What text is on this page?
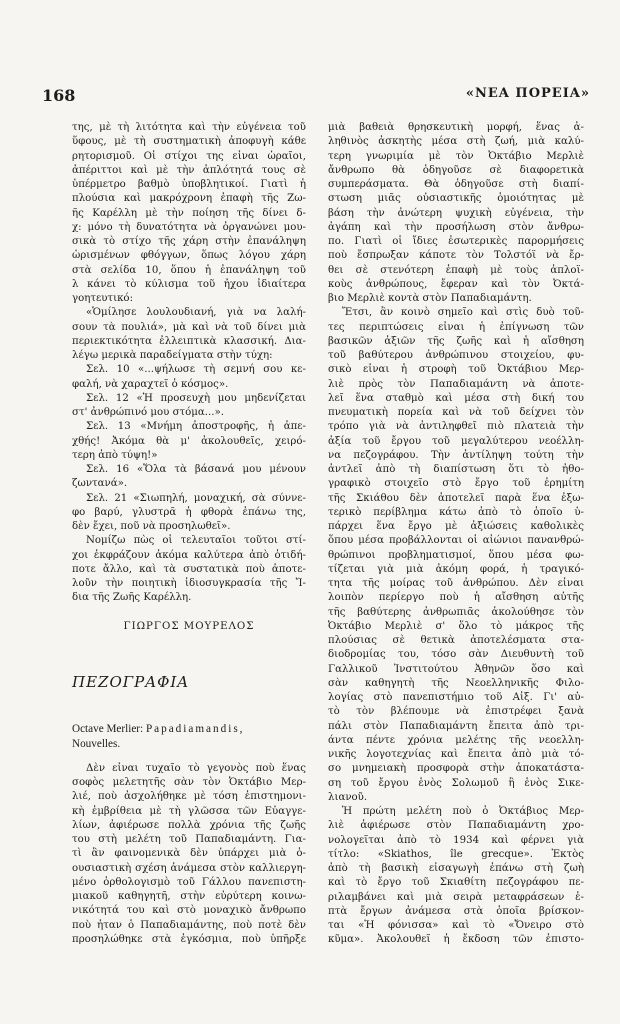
168	«ΝΕΑ ΠΟΡΕΙΑ»

της, μὲ τὴ λιτότητα καὶ τὴν εὐγένεια τοῦ

ὕφους, μὲ τὴ συστηματικὴ ἀποφυγὴ κάθε

ρητορισμοῦ. Οἱ στίχοι της εἶναι ὡραῖοι,

ἀπέριττοι καὶ μὲ τὴν ἁπλότητά τους σὲ

ὑπέρμετρο βαθμὸ ὑποβλητικοί. Γιατὶ ἡ

πλούσια καὶ μακρόχρονη ἐπαφὴ τῆς Ζω-

ῆς Καρέλλη μὲ τὴν ποίηση τῆς δίνει δ-

χ: μόνο τὴ δυνατότητα νὰ ὀργανώνει μου-

σικὰ τὸ στίχο τῆς χάρη στὴν ἐπανάληψη

ὡρισμένων φθόγγων, ὅπως λόγου χάρη

στὰ σελίδα 10, ὅπου ἡ ἐπανάληψη τοῦ

λ κάνει τὸ κύλισμα τοῦ ἦχου ἰδιαίτερα

γοητευτικό:

«Ὁμίλησε λουλουδιανή, γιὰ να λαλή-

σουν τὰ πουλιά», μὰ καὶ νὰ τοῦ δίνει μιὰ

περιεκτικότητα ἐλλειπτικὰ κλασσική. Δια-

λέγω μερικὰ παραδείγματα στὴν τύχη:

Σελ. 10 «...ψήλωσε τὴ σεμνή σου κε-

φαλή, νὰ χαραχτεῖ ὁ κόσμος».

Σελ. 12 «Ἡ προσευχὴ μου μηδενίζεται

στ' ἀνθρώπινό μου στόμα...».

Σελ. 13 «Μνήμη ἀποστροφῆς, ἡ ἀπε-

χθής! Ἀκόμα θὰ μ' ἀκολουθεῖς, χειρό-

τερη ἀπὸ τύψη!»

Σελ. 16 «Ὅλα τὰ βάσανά μου μένουν

ζωντανά».

Σελ. 21 «Σιωπηλή, μοναχική, σὰ σύννε-

φο βαρύ, γλυστρᾶ ἡ φθορὰ ἐπάνω της,

δὲν ἔχει, ποῦ νὰ προσηλωθεῖ».

Νομίζω πὼς οἱ τελευταῖοι τοῦτοι στί-

χοι ἐκφράζουν ἀκόμα καλύτερα ἀπὸ ὁτιδή-

ποτε ἄλλο, καὶ τὰ συστατικὰ ποὺ ἀποτε-

λοῦν τὴν ποιητικὴ ἰδιοσυγκρασία τῆς Ἴ-

δια τῆς Ζωῆς Καρέλλη.

ΓΙΩΡΓΟΣ ΜΟΥΡΕΛΟΣ

ΠΕΖΟΓΡΑΦΙΑ

Octave Merlier: Papadiamandis,

Nouvelles.

Δὲν εἶναι τυχαῖο τὸ γεγονὸς ποὺ ἕνας

σοφὸς μελετητῆς σὰν τὸν Ὀκτάβιο Μερ-

λιέ, ποὺ ἀσχολήθηκε μὲ τόση ἐπιστημονι-

κὴ ἐμβρίθεια μὲ τὴ γλῶσσα τῶν Εὐαγγε-

λίων, ἀφιέρωσε πολλὰ χρόνια τῆς ζωῆς

του στὴ μελέτη τοῦ Παπαδιαμάντη. Για-

τὶ ἂν φαινομενικὰ δὲν ὑπάρχει μιὰ ὀ-

ουσιαστικὴ σχέση ἀνάμεσα στὸν καλλιεργη-

μένο ὀρθολογισμὸ τοῦ Γάλλου πανεπιστη-

μιακοῦ καθηγητῆ, στὴν εὐρύτερη κοινω-

νικότητά του καὶ στὸ μοναχικὸ ἄνθρωπο

ποὺ ἦταν ὁ Παπαδιαμάντης, ποὺ ποτὲ δὲν

προσηλώθηκε στὰ ἐγκόσμια, ποὺ ὑπῆρξε

μιὰ βαθειὰ θρησκευτικὴ μορφή, ἕνας ἀ-

ληθινὸς ἀσκητὴς μέσα στὴ ζωή, μιὰ καλύ-

τερη γνωριμία μὲ τὸν Ὀκτάβιο Μερλιὲ

ἄνθρωπο θὰ ὁδηγοῦσε σὲ διαφορετικὰ

συμπεράσματα. Θὰ ὁδηγοῦσε στὴ διαπί-

στωση μιᾶς οὐσιαστικῆς ὁμοιότητας μὲ

βάση τὴν ἀνώτερη ψυχικὴ εὐγένεια, τὴν

ἀγάπη καὶ τὴν προσήλωση στὸν ἄνθρω-

πο. Γιατὶ οἱ ἴδιες ἐσωτερικὲς παρορμήσεις

ποὺ ἔσπρωξαν κάποτε τὸν Τολστόϊ νὰ ἔρ-

θει σὲ στενότερη ἐπαφὴ μὲ τοὺς ἁπλοϊ-

κοὺς ἀνθρώπους, ἔφεραν καὶ τὸν Ὀκτά-

βιο Μερλιὲ κοντὰ στὸν Παπαδιαμάντη.

Ἔτσι, ἂν κοινὸ σημεῖο καὶ στὶς δυὸ τοῦ-

τες περιπτώσεις εἶναι ἡ ἐπίγνωση τῶν

βασικῶν ἀξιῶν τῆς ζωῆς καὶ ἡ αἴσθηση

τοῦ βαθύτερου ἀνθρώπινου στοιχείου, φυ-

σικὸ εἶναι ἡ στροφὴ τοῦ Ὀκτάβιου Μερ-

λιὲ πρὸς τὸν Παπαδιαμάντη νὰ ἀποτε-

λεῖ ἕνα σταθμὸ καὶ μέσα στὴ δική του

πνευματικὴ πορεία καὶ νὰ τοῦ δείχνει τὸν

τρόπο γιὰ νὰ ἀντιληφθεῖ πιὸ πλατειὰ τὴν

ἀξία τοῦ ἔργου τοῦ μεγαλύτερου νεοέλλη-

να πεζογράφου. Τὴν ἀντίληψη τούτη τὴν

ἀντλεῖ ἀπὸ τὴ διαπίστωση ὅτι τὸ ἠθο-

γραφικὸ στοιχεῖο στὸ ἔργο τοῦ ἐρημίτη

τῆς Σκιάθου δὲν ἀποτελεῖ παρὰ ἕνα ἐξω-

τερικὸ περίβλημα κάτω ἀπὸ τὸ ὁποῖο ὑ-

πάρχει ἕνα ἔργο μὲ ἀξιώσεις καθολικὲς

ὅπου μέσα προβάλλονται οἱ αἰώνιοι πανανθρώ-

θρώπινοι προβληματισμοί, ὅπου μέσα φω-

τίζεται γιὰ μιὰ ἀκόμη φορά, ἡ τραγικό-

τητα τῆς μοίρας τοῦ ἀνθρώπου. Δὲν εἶναι

λοιπὸν περίεργο ποὺ ἡ αἴσθηση αὐτῆς

τῆς βαθύτερης ἀνθρωπιᾶς ἀκολούθησε τὸν

Ὀκτάβιο Μερλιὲ σ' ὅλο τὸ μάκρος τῆς

πλούσιας σὲ θετικὰ ἀποτελέσματα στα-

διοδρομίας του, τόσο σὰν Διευθυντὴ τοῦ

Γαλλικοῦ Ἰνστιτούτου Ἀθηνῶν ὅσο καὶ

σὰν καθηγητὴ τῆς Νεοελληνικῆς Φιλο-

λογίας στὸ πανεπιστήμιο τοῦ Αἰξ. Γι' αὐ-

τὸ τὸν βλέπουμε νὰ ἐπιστρέφει ξανὰ

πάλι στὸν Παπαδιαμάντη ἔπειτα ἀπὸ τρι-

άντα πέντε χρόνια μελέτης τῆς νεοελλη-

νικῆς λογοτεχνίας καὶ ἔπειτα ἀπὸ μιὰ τό-

σο μνημειακὴ προσφορὰ στὴν ἀποκατάστα-

ση τοῦ ἔργου ἑνὸς Σολωμοῦ ἢ ἑνὸς Σικε-

λιανοῦ.

Ἡ πρώτη μελέτη ποὺ ὁ Ὀκτάβιος Μερ-

λιὲ ἀφιέρωσε στὸν Παπαδιαμάντη χρο-

νολογεῖται ἀπὸ τὸ 1934 καὶ φέρνει γιὰ

τίτλο: «Skiathos, île grecque». Ἐκτὸς

ἀπὸ τὴ βασικὴ εἰσαγωγὴ ἐπάνω στὴ ζωὴ

καὶ τὸ ἔργο τοῦ Σκιαθίτη πεζογράφου πε-

ριλαμβάνει καὶ μιὰ σειρὰ μεταφράσεων ἑ-

πτὰ ἔργων ἀνάμεσα στὰ ὁποῖα βρίσκον-

ται «Ἡ φόνισσα» καὶ τὸ «Ὄνειρο στὸ

κῦμα». Ἀκολουθεῖ ἡ ἔκδοση τῶν ἐπιστο-
